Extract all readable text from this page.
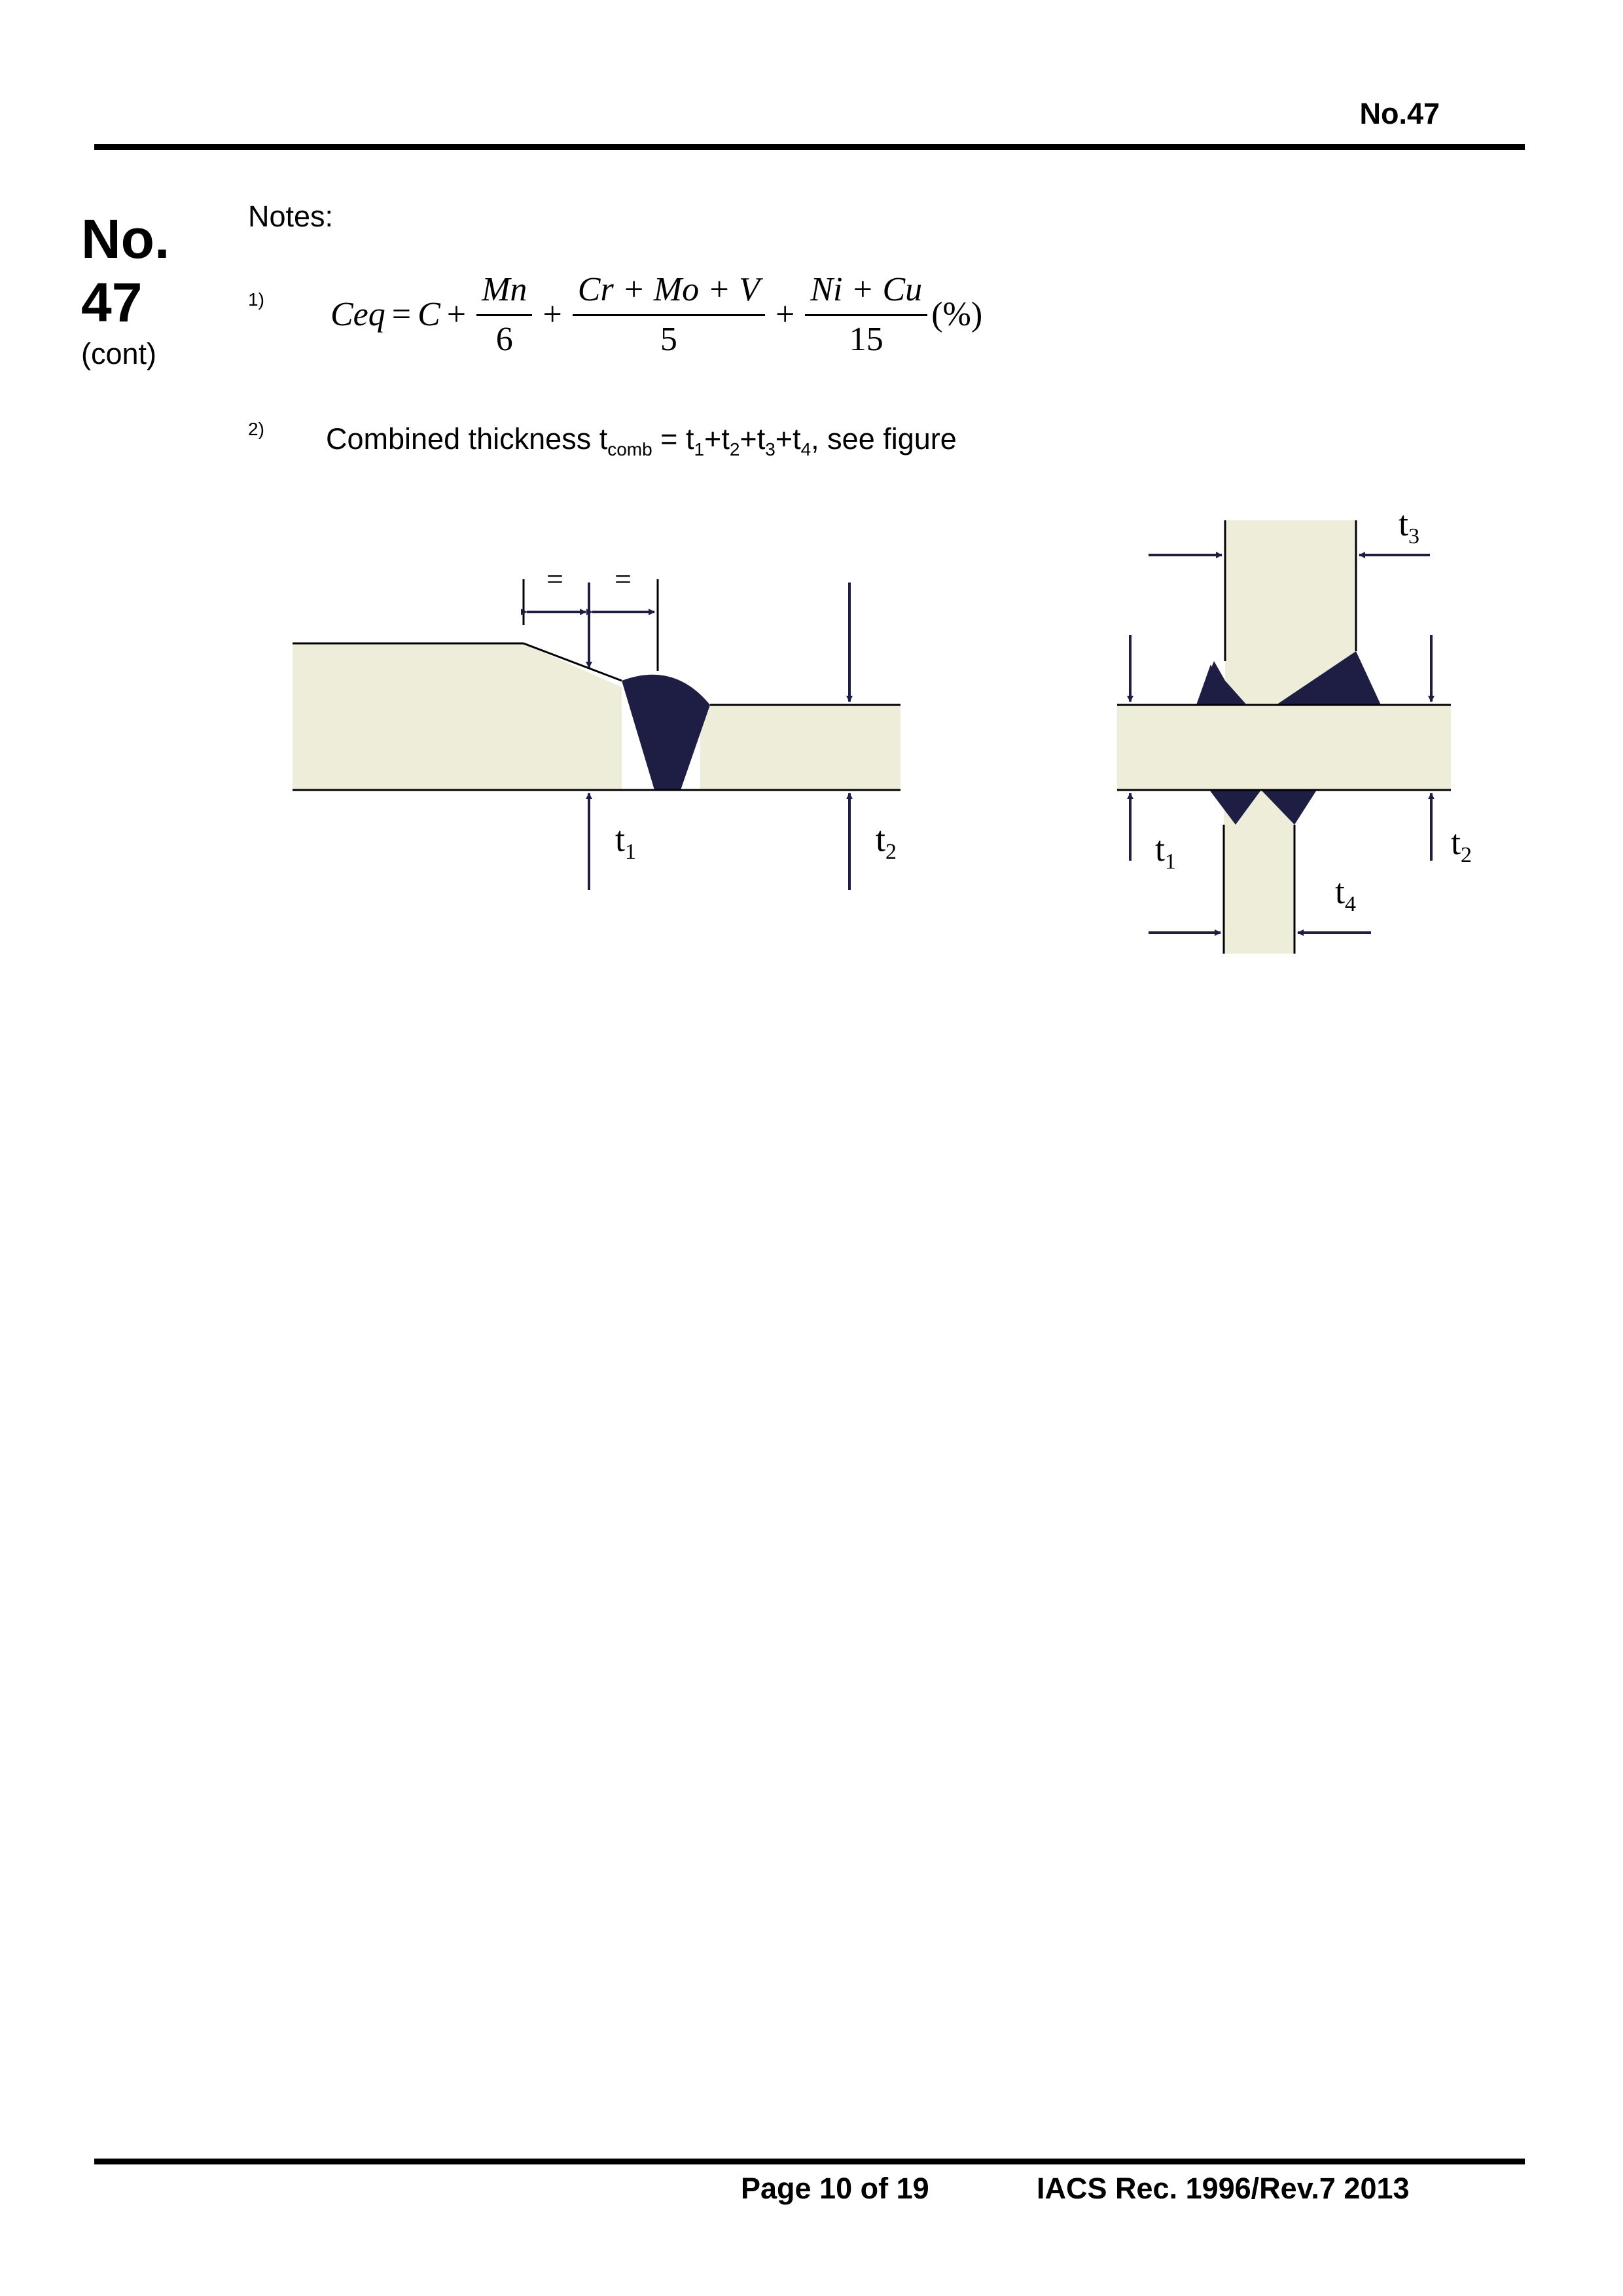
No.47
No.
47
(cont)
Notes:
1) Ceq = $C + \frac{Mn}{6} + \frac{Cr + Mo + V}{5} + \frac{Ni + Cu}{15}$ (%)
2) Combined thickness $t_{comb} = t_1+t_2+t_3+t_4$, see figure
= =
$t_1$	$t_2$
$t_3$
$t_1$	$t_2$
$t_4$
Page 10 of 19	IACS Rec. 1996/Rev.7 2013
